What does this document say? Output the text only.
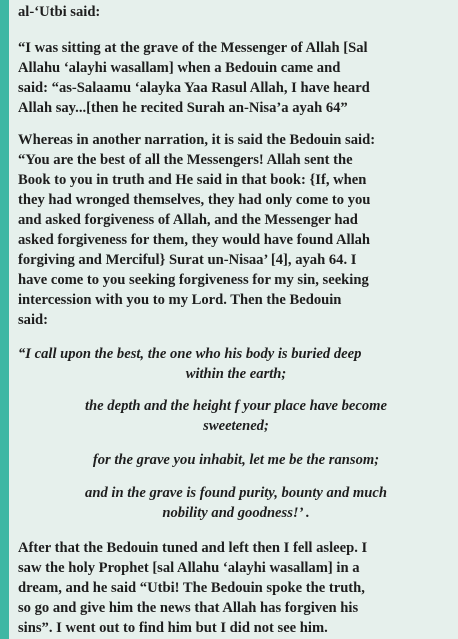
al-‘Utbi said:
“I was sitting at the grave of the Messenger of Allah [Sal
Allahu ‘alayhi wasallam] when a Bedouin came and
said: “as-Salaamu ‘alayka Yaa Rasul Allah, I have heard
Allah say...[then he recited Surah an-Nisa’a ayah 64”
Whereas in another narration, it is said the Bedouin said:
“You are the best of all the Messengers! Allah sent the
Book to you in truth and He said in that book: {If, when
they had wronged themselves, they had only come to you
and asked forgiveness of Allah, and the Messenger had
asked forgiveness for them, they would have found Allah
forgiving and Merciful} Surat un-Nisaa’ [4], ayah 64. I
have come to you seeking forgiveness for my sin, seeking
intercession with you to my Lord. Then the Bedouin
said:
“I call upon the best, the one who his body is buried deep
within the earth;
the depth and the height f your place have become
sweetened;
for the grave you inhabit, let me be the ransom;
and in the grave is found purity, bounty and much
nobility and goodness!’ .
After that the Bedouin tuned and left then I fell asleep. I
saw the holy Prophet [sal Allahu ‘alayhi wasallam] in a
dream, and he said “Utbi! The Bedouin spoke the truth,
so go and give him the news that Allah has forgiven his
sins”. I went out to find him but I did not see him.
